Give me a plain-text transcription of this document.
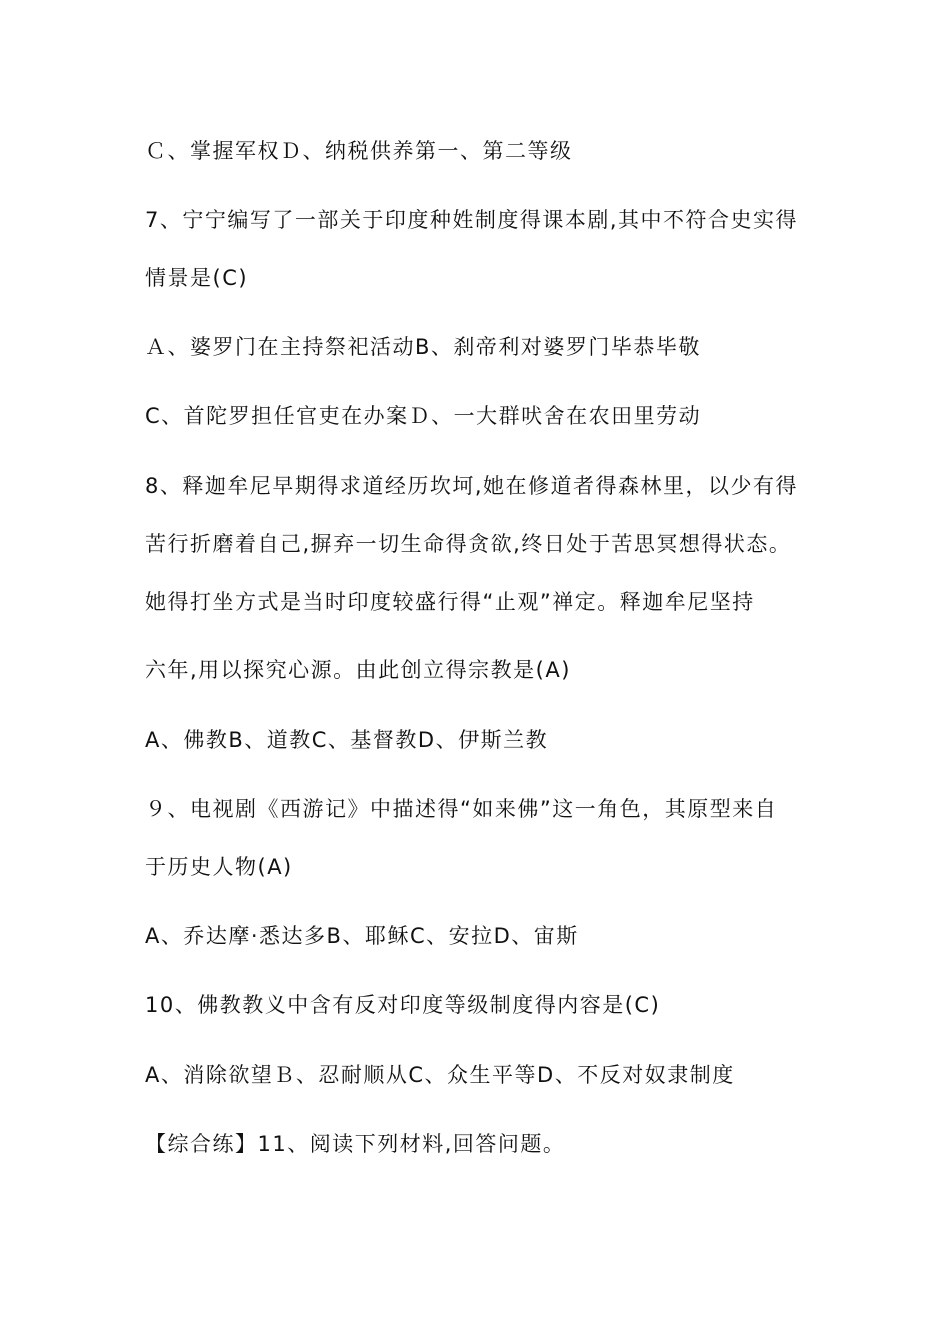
Ｃ、掌握军权Ｄ、纳税供养第一、第二等级
7、宁宁编写了一部关于印度种姓制度得课本剧,其中不符合史实得
情景是(C)
Ａ、婆罗门在主持祭祀活动B、刹帝利对婆罗门毕恭毕敬
C、首陀罗担任官吏在办案Ｄ、一大群吠舍在农田里劳动
8、释迦牟尼早期得求道经历坎坷,她在修道者得森林里，以少有得
苦行折磨着自己,摒弃一切生命得贪欲,终日处于苦思冥想得状态。
她得打坐方式是当时印度较盛行得“止观”禅定。释迦牟尼坚持
六年,用以探究心源。由此创立得宗教是(A)
A、佛教B、道教C、基督教D、伊斯兰教
９、电视剧《西游记》中描述得“如来佛”这一角色，其原型来自
于历史人物(A)
A、乔达摩·悉达多B、耶稣C、安拉D、宙斯
10、佛教教义中含有反对印度等级制度得内容是(C)
A、消除欲望Ｂ、忍耐顺从C、众生平等D、不反对奴隶制度
【综合练】11、阅读下列材料,回答问题。
